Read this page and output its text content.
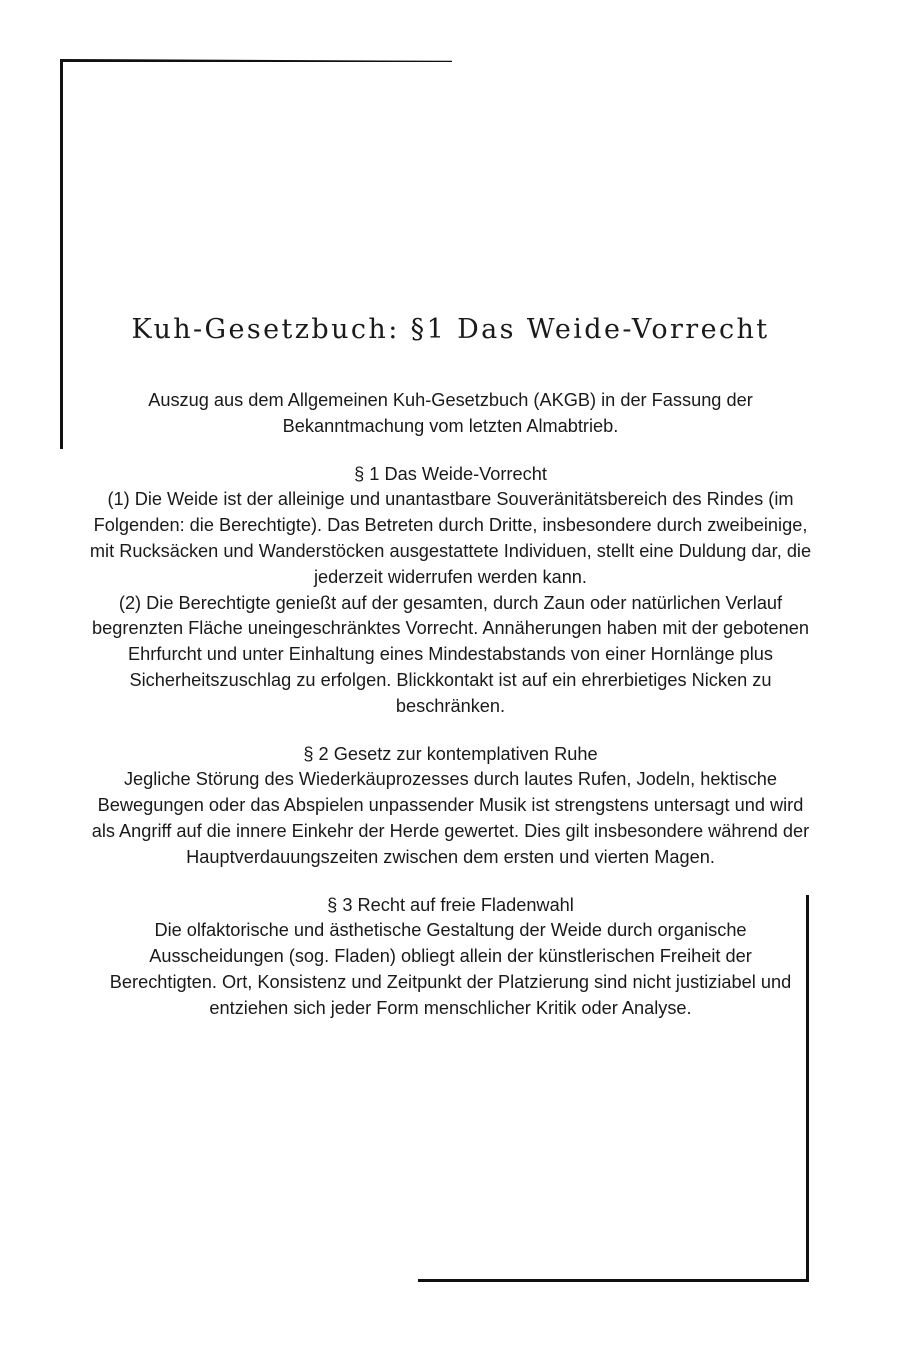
Kuh-Gesetzbuch: §1 Das Weide-Vorrecht

Auszug aus dem Allgemeinen Kuh-Gesetzbuch (AKGB) in der Fassung der Bekanntmachung vom letzten Almabtrieb.

§ 1 Das Weide-Vorrecht

(1) Die Weide ist der alleinige und unantastbare Souveränitätsbereich des Rindes (im Folgenden: die Berechtigte). Das Betreten durch Dritte, insbesondere durch zweibeinige, mit Rucksäcken und Wanderstöcken ausgestattete Individuen, stellt eine Duldung dar, die jederzeit widerrufen werden kann.

(2) Die Berechtigte genießt auf der gesamten, durch Zaun oder natürlichen Verlauf begrenzten Fläche uneingeschränktes Vorrecht. Annäherungen haben mit der gebotenen Ehrfurcht und unter Einhaltung eines Mindestabstands von einer Hornlänge plus Sicherheitszuschlag zu erfolgen. Blickkontakt ist auf ein ehrerbietiges Nicken zu beschränken.

§ 2 Gesetz zur kontemplativen Ruhe

Jegliche Störung des Wiederkäuprozesses durch lautes Rufen, Jodeln, hektische Bewegungen oder das Abspielen unpassender Musik ist strengstens untersagt und wird als Angriff auf die innere Einkehr der Herde gewertet. Dies gilt insbesondere während der Hauptverdauungszeiten zwischen dem ersten und vierten Magen.

§ 3 Recht auf freie Fladenwahl

Die olfaktorische und ästhetische Gestaltung der Weide durch organische Ausscheidungen (sog. Fladen) obliegt allein der künstlerischen Freiheit der Berechtigten. Ort, Konsistenz und Zeitpunkt der Platzierung sind nicht justiziabel und entziehen sich jeder Form menschlicher Kritik oder Analyse.
